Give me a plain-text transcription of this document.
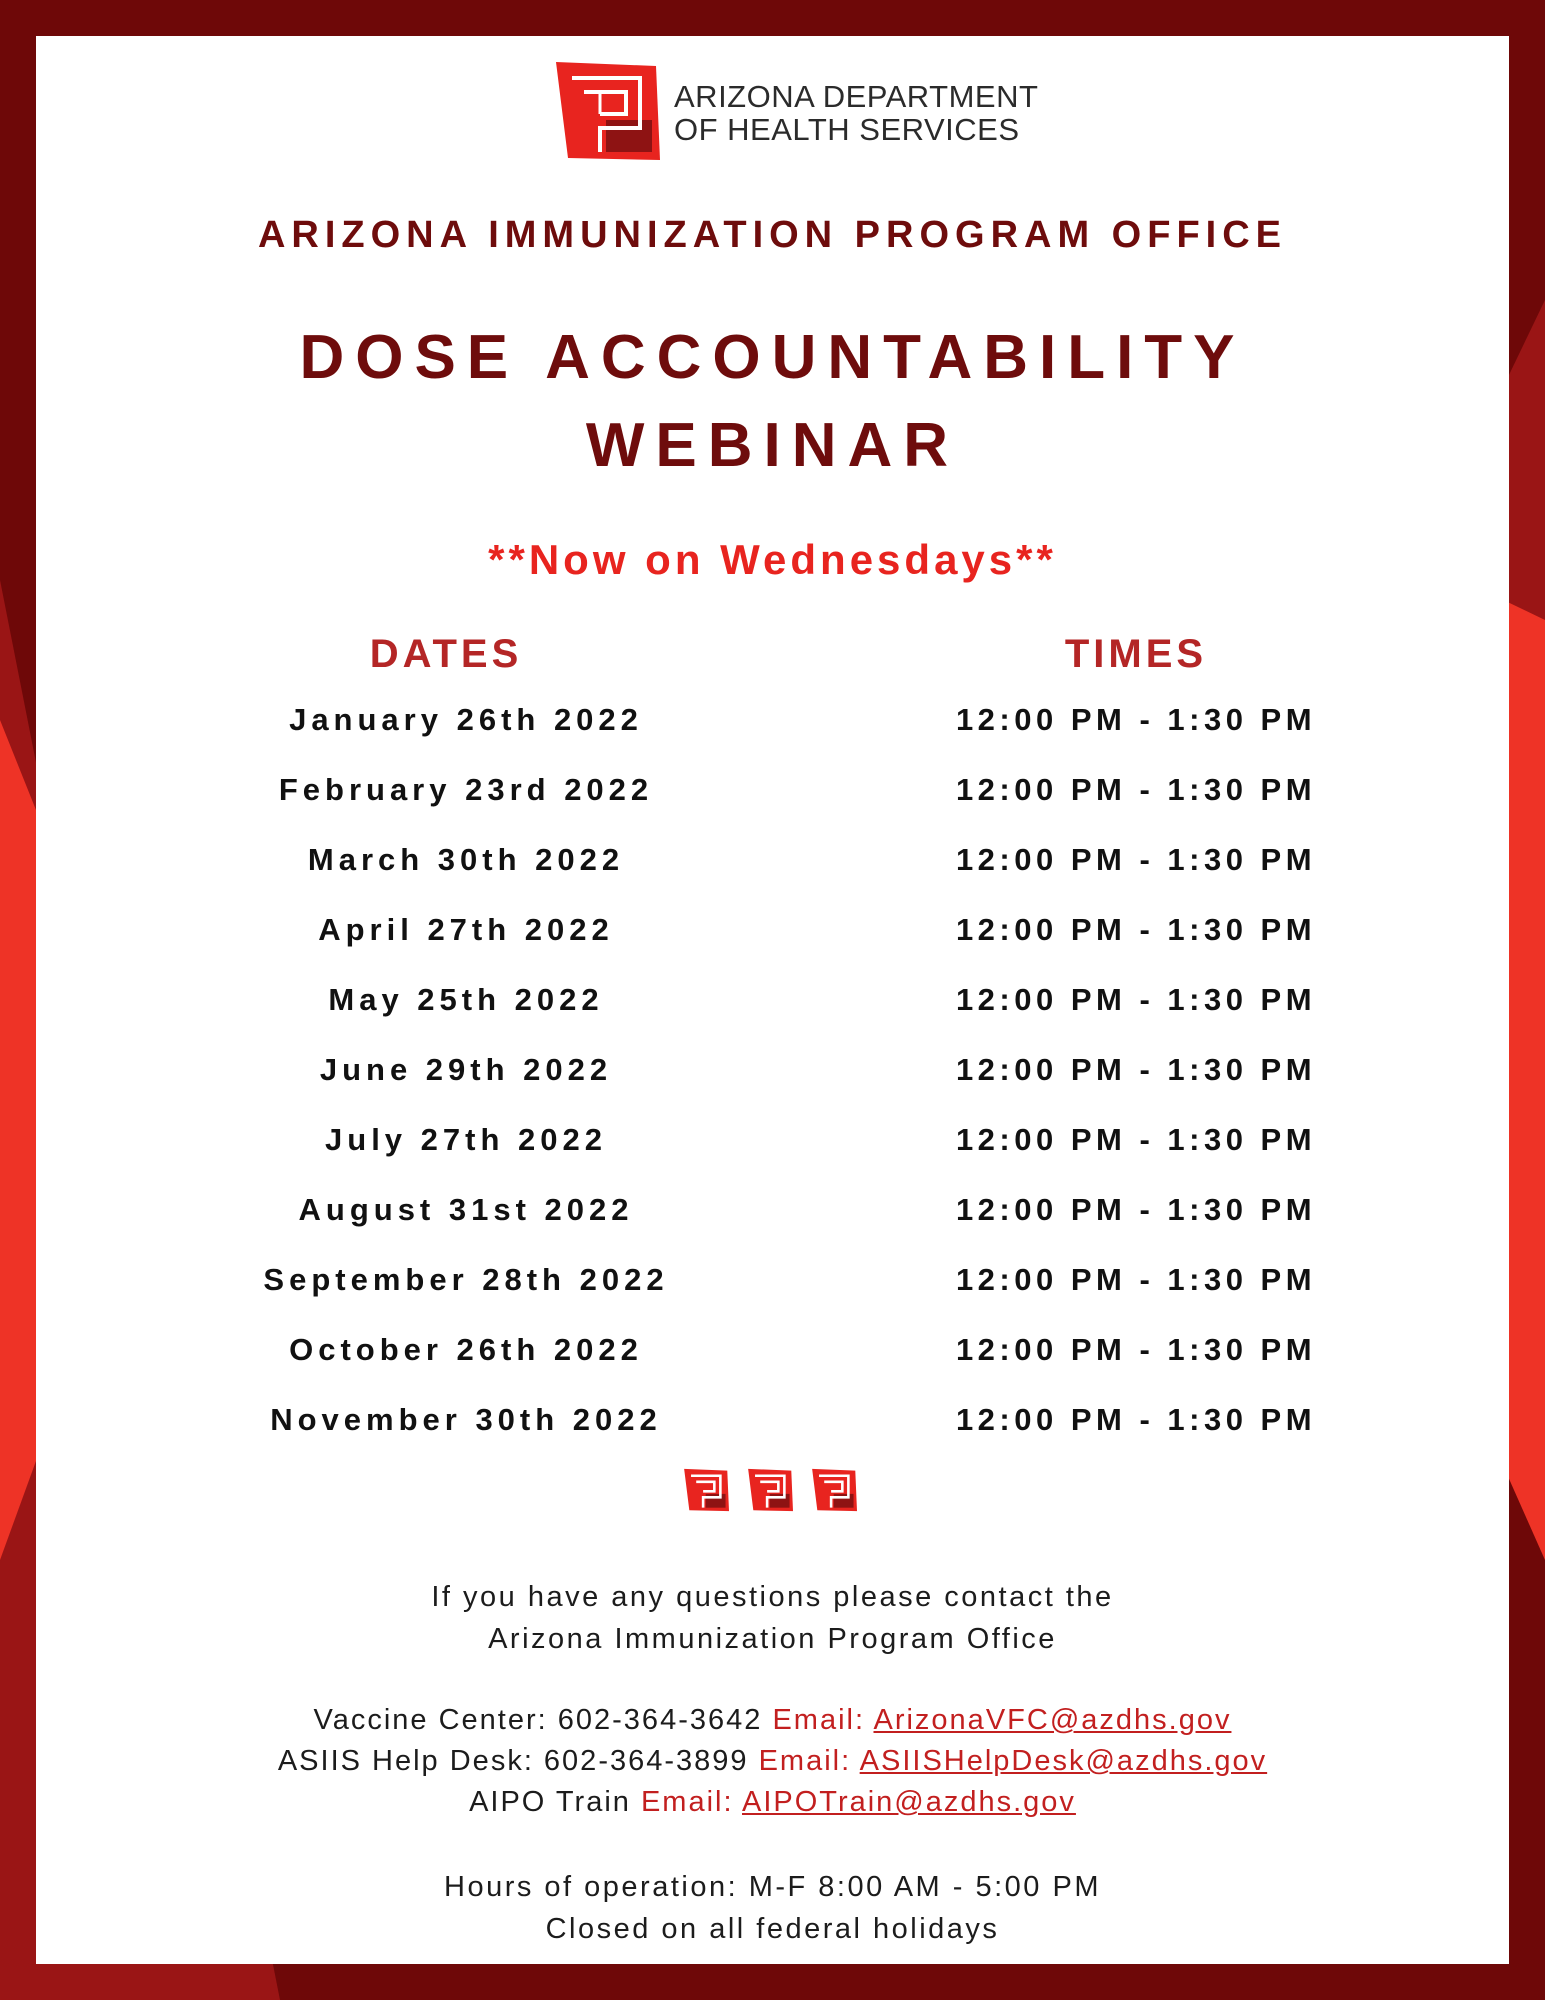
ARIZONA DEPARTMENT
OF HEALTH SERVICES
ARIZONA IMMUNIZATION PROGRAM OFFICE
DOSE ACCOUNTABILITY
WEBINAR
**Now on Wednesdays**
DATES	TIMES
January 26th 2022	12:00 PM - 1:30 PM
February 23rd 2022	12:00 PM - 1:30 PM
March 30th 2022	12:00 PM - 1:30 PM
April 27th 2022	12:00 PM - 1:30 PM
May 25th 2022	12:00 PM - 1:30 PM
June 29th 2022	12:00 PM - 1:30 PM
July 27th 2022	12:00 PM - 1:30 PM
August 31st 2022	12:00 PM - 1:30 PM
September 28th 2022	12:00 PM - 1:30 PM
October 26th 2022	12:00 PM - 1:30 PM
November 30th 2022	12:00 PM - 1:30 PM
If you have any questions please contact the
Arizona Immunization Program Office
Vaccine Center: 602-364-3642 Email: ArizonaVFC@azdhs.gov
ASIIS Help Desk: 602-364-3899 Email: ASIISHelpDesk@azdhs.gov
AIPO Train Email: AIPOTrain@azdhs.gov
Hours of operation: M-F 8:00 AM - 5:00 PM
Closed on all federal holidays
